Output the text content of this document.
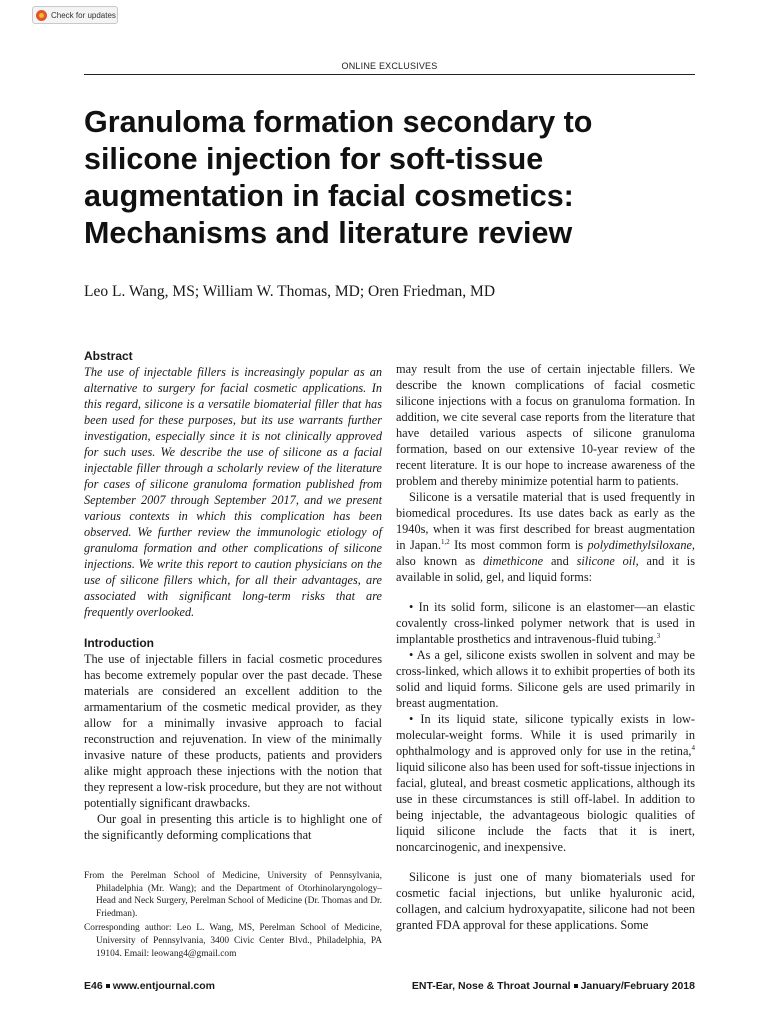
Check for updates
ONLINE EXCLUSIVES
Granuloma formation secondary to silicone injection for soft-tissue augmentation in facial cosmetics: Mechanisms and literature review
Leo L. Wang, MS; William W. Thomas, MD; Oren Friedman, MD

Abstract

The use of injectable fillers is increasingly popular as an alternative to surgery for facial cosmetic applications. In this regard, silicone is a versatile biomaterial filler that has been used for these purposes, but its use warrants further investigation, especially since it is not clinically approved for such uses. We describe the use of silicone as a facial injectable filler through a scholarly review of the literature for cases of silicone granuloma formation published from September 2007 through September 2017, and we present various contexts in which this complication has been observed. We further review the immunologic etiology of granuloma formation and other complications of silicone injections. We write this report to caution physicians on the use of silicone fillers which, for all their advantages, are associated with significant long-term risks that are frequently overlooked.

Introduction

The use of injectable fillers in facial cosmetic procedures has become extremely popular over the past decade. These materials are considered an excellent addition to the armamentarium of the cosmetic medical provider, as they allow for a minimally invasive approach to facial reconstruction and rejuvenation. In view of the minimally invasive nature of these products, patients and providers alike might approach these injections with the notion that they represent a low-risk procedure, but they are not without potentially significant drawbacks.

Our goal in presenting this article is to highlight one of the significantly deforming complications that

From the Perelman School of Medicine, University of Pennsylvania, Philadelphia (Mr. Wang); and the Department of Otorhinolaryngology–Head and Neck Surgery, Perelman School of Medicine (Dr. Thomas and Dr. Friedman).

Corresponding author: Leo L. Wang, MS, Perelman School of Medicine, University of Pennsylvania, 3400 Civic Center Blvd., Philadelphia, PA 19104. Email: leowang4@gmail.com

may result from the use of certain injectable fillers. We describe the known complications of facial cosmetic silicone injections with a focus on granuloma formation. In addition, we cite several case reports from the literature that have detailed various aspects of silicone granuloma formation, based on our extensive 10-year review of the recent literature. It is our hope to increase awareness of the problem and thereby minimize potential harm to patients.

Silicone is a versatile material that is used frequently in biomedical procedures. Its use dates back as early as the 1940s, when it was first described for breast augmentation in Japan.$^{1,2}$ Its most common form is polydimethylsiloxane, also known as dimethicone and silicone oil, and it is available in solid, gel, and liquid forms:

• In its solid form, silicone is an elastomer—an elastic covalently cross-linked polymer network that is used in implantable prosthetics and intravenous-fluid tubing.$^3$

• As a gel, silicone exists swollen in solvent and may be cross-linked, which allows it to exhibit properties of both its solid and liquid forms. Silicone gels are used primarily in breast augmentation.

• In its liquid state, silicone typically exists in low-molecular-weight forms. While it is used primarily in ophthalmology and is approved only for use in the retina,$^4$ liquid silicone also has been used for soft-tissue injections in facial, gluteal, and breast cosmetic applications, although its use in these circumstances is still off-label. In addition to being injectable, the advantageous biologic qualities of liquid silicone include the facts that it is inert, noncarcinogenic, and inexpensive.

Silicone is just one of many biomaterials used for cosmetic facial injections, but unlike hyaluronic acid, collagen, and calcium hydroxyapatite, silicone had not been granted FDA approval for these applications. Some

E46 www.entjournal.com	ENT-Ear, Nose & Throat Journal January/February 2018
